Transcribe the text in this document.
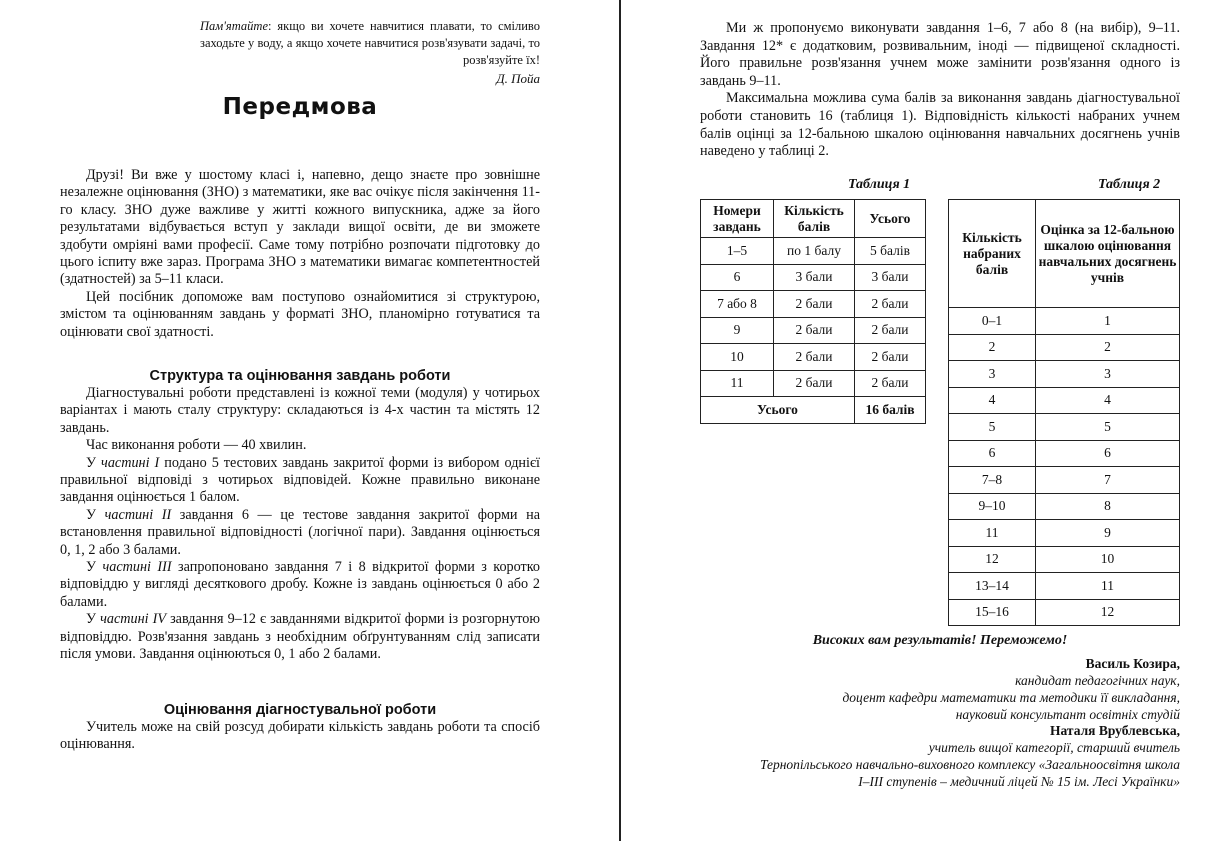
Пам'ятайте: якщо ви хочете навчитися плавати, то сміливо заходьте у воду, а якщо хочете навчитися розв'язувати задачі, то розв'язуйте їх!
Д. Пойа
Передмова

Друзі! Ви вже у шостому класі і, напевно, дещо знаєте про зовнішне незалежне оцінювання (ЗНО) з математики, яке вас очікує після закінчення 11-го класу. ЗНО дуже важливе у житті кожного випускника, адже за його результатами відбувається вступ у заклади вищої освіти, де ви зможете здобути омріяні вами професії. Саме тому потрібно розпочати підготовку до цього іспиту вже зараз. Програма ЗНО з математики вимагає компетентностей (здатностей) за 5–11 класи.

Цей посібник допоможе вам поступово ознайомитися зі структурою, змістом та оцінюванням завдань у форматі ЗНО, планомірно готуватися та оцінювати свої здатності.

Структура та оцінювання завдань роботи

Діагностувальні роботи представлені із кожної теми (модуля) у чотирьох варіантах і мають сталу структуру: складаються із 4-х частин та містять 12 завдань.

Час виконання роботи — 40 хвилин.

У частині I подано 5 тестових завдань закритої форми із вибором однієї правильної відповіді з чотирьох відповідей. Кожне правильно виконане завдання оцінюється 1 балом.

У частині II завдання 6 — це тестове завдання закритої форми на встановлення правильної відповідності (логічної пари). Завдання оцінюється 0, 1, 2 або 3 балами.

У частині III запропоновано завдання 7 і 8 відкритої форми з коротко відповіддю у вигляді десяткового дробу. Кожне із завдань оцінюється 0 або 2 балами.

У частині IV завдання 9–12 є завданнями відкритої форми із розгорнутою відповіддю. Розв'язання завдань з необхідним обґрунтуванням слід записати після умови. Завдання оцінюються 0, 1 або 2 балами.

Оцінювання діагностувальної роботи

Учитель може на свій розсуд добирати кількість завдань роботи та спосіб оцінювання.

Ми ж пропонуємо виконувати завдання 1–6, 7 або 8 (на вибір), 9–11. Завдання 12* є додатковим, розвивальним, іноді — підвищеної складності. Його правильне розв'язання учнем може замінити розв'язання одного із завдань 9–11.

Максимальна можлива сума балів за виконання завдань діагностувальної роботи становить 16 (таблиця 1). Відповідність кількості набраних учнем балів оцінці за 12-бальною шкалою оцінювання навчальних досягнень учнів наведено у таблиці 2.

Таблиця 1	Таблиця 2
Номери завдань	Кількість балів	Усього
1–5	по 1 балу	5 балів
6	3 бали	3 бали
7 або 8	2 бали	2 бали
9	2 бали	2 бали
10	2 бали	2 бали
11	2 бали	2 бали
Усього		16 балів
Кількість набраних балів	Оцінка за 12-бальною шкалою оцінювання навчальних досягнень учнів
0–1	1
2	2
3	3
4	4
5	5
6	6
7–8	7
9–10	8
11	9
12	10
13–14	11
15–16	12
Високих вам результатів! Переможемо!
Василь Козира,
кандидат педагогічних наук,
доцент кафедри математики та методики її викладання,
науковий консультант освітніх студій
Наталя Врублевська,
учитель вищої категорії, старший вчитель
Тернопільського навчально-виховного комплексу «Загальноосвітня школа
I–III ступенів – медичний ліцей № 15 ім. Лесі Українки»
